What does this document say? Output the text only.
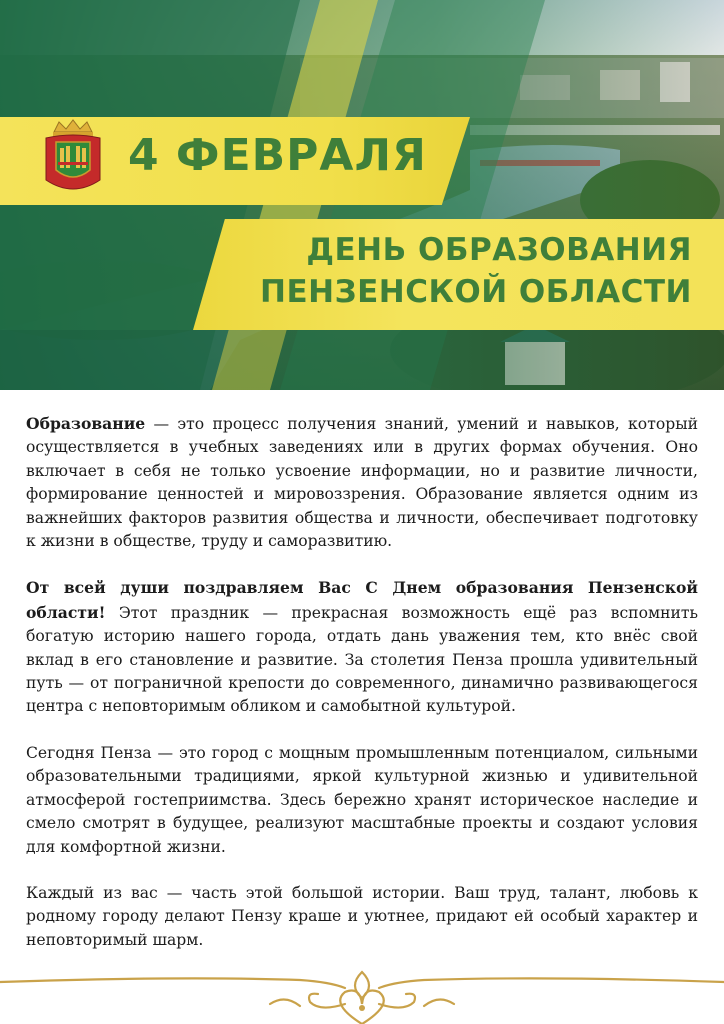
4 ФЕВРАЛЯ
ДЕНЬ ОБРАЗОВАНИЯ
ПЕНЗЕНСКОЙ ОБЛАСТИ

Образование — это процесс получения знаний, умений и навыков, который осуществляется в учебных заведениях или в других формах обучения. Оно включает в себя не только усвоение информации, но и развитие личности, формирование ценностей и мировоззрения. Образование является одним из важнейших факторов развития общества и личности, обеспечивает подготовку к жизни в обществе, труду и саморазвитию.

От всей души поздравляем Вас С Днем образования Пензенской области! Этот праздник — прекрасная возможность ещё раз вспомнить богатую историю нашего города, отдать дань уважения тем, кто внёс свой вклад в его становление и развитие. За столетия Пенза прошла удивительный путь — от пограничной крепости до современного, динамично развивающегося центра с неповторимым обликом и самобытной культурой.

Сегодня Пенза — это город с мощным промышленным потенциалом, сильными образовательными традициями, яркой культурной жизнью и удивительной атмосферой гостеприимства. Здесь бережно хранят историческое наследие и смело смотрят в будущее, реализуют масштабные проекты и создают условия для комфортной жизни.

Каждый из вас — часть этой большой истории. Ваш труд, талант, любовь к родному городу делают Пензу краше и уютнее, придают ей особый характер и неповторимый шарм.
